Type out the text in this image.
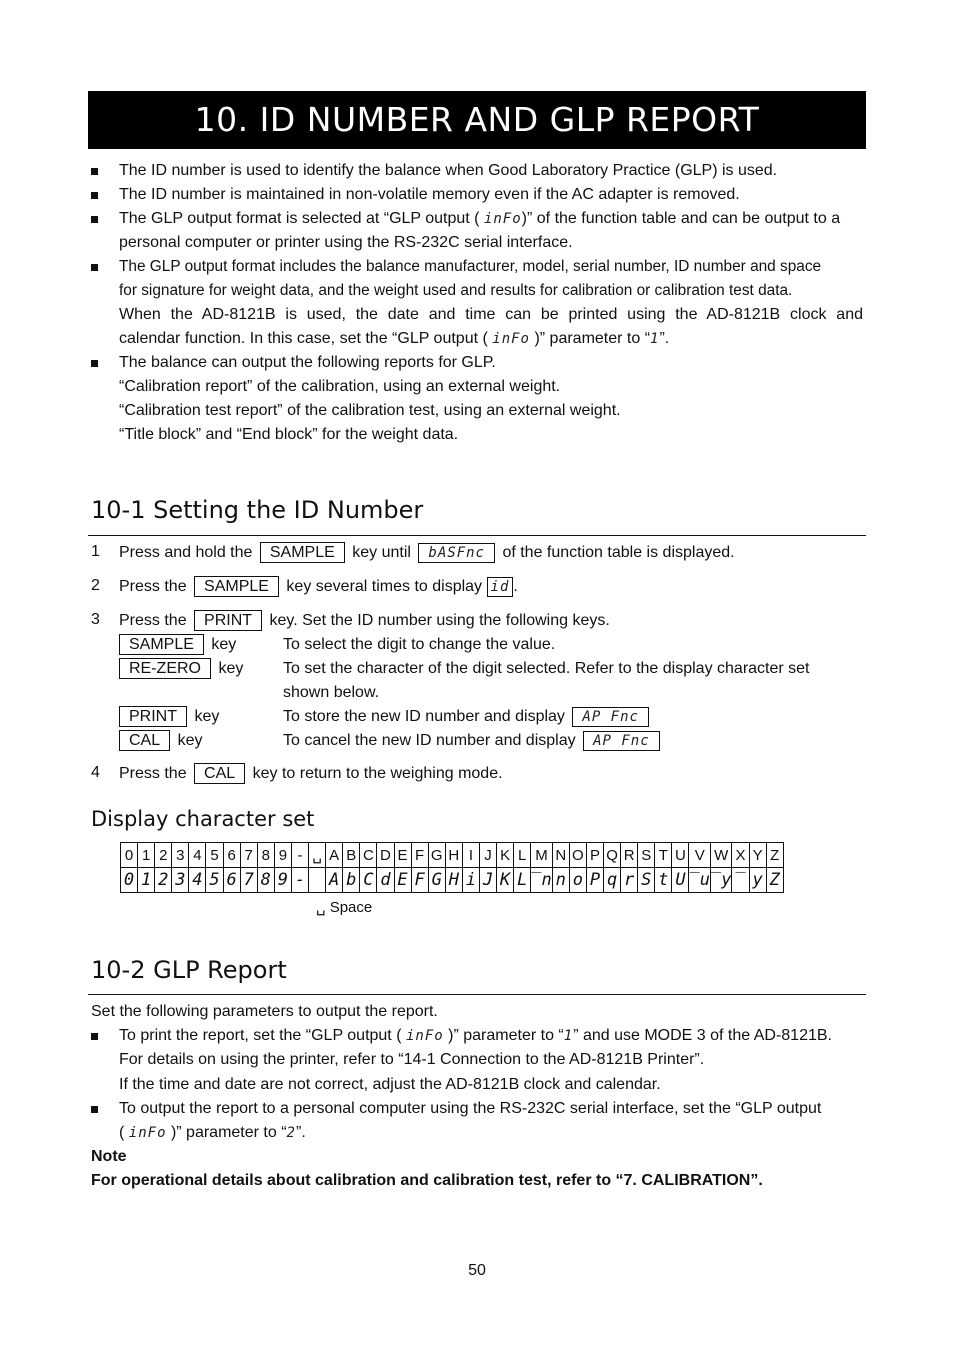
10. ID NUMBER AND GLP REPORT
The ID number is used to identify the balance when Good Laboratory Practice (GLP) is used.
The ID number is maintained in non-volatile memory even if the AC adapter is removed.
The GLP output format is selected at “GLP output ( inFo)” of the function table and can be output to a
personal computer or printer using the RS-232C serial interface.
The GLP output format includes the balance manufacturer, model, serial number, ID number and space
for signature for weight data, and the weight used and results for calibration or calibration test data.
When the AD-8121B is used, the date and time can be printed using the AD-8121B clock and
calendar function. In this case, set the “GLP output ( inFo )” parameter to “1”.
The balance can output the following reports for GLP.
“Calibration report” of the calibration, using an external weight.
“Calibration test report” of the calibration test, using an external weight.
“Title block” and “End block” for the weight data.
10-1 Setting the ID Number
1	Press and hold the SAMPLE key until bASFnc of the function table is displayed.
2	Press the SAMPLE key several times to display id .
3	Press the PRINT key. Set the ID number using the following keys.
SAMPLE key	To select the digit to change the value.
RE-ZERO key To set the character of the digit selected. Refer to the display character set
shown below.
PRINT key	To store the new ID number and display AP Fnc
CAL key	To cancel the new ID number and display AP Fnc
4	Press the CAL key to return to the weighing mode.
Display character set
0	1	2	3	4	5	6	7	8	9	-	␣	A	B	C	D	E	F	G	H	I	J	K	L	M	N	O	P	Q	R	S	T	U	V	W	X	Y	Z
0	1	2	3	4	5	6	7	8	9	-		A	b	C	d	E	F	G	H	i	J	K	L	̅n	n	o	P	q	r	S	t	U	̅u	̅y	̅	y	Z
␣ Space
10-2 GLP Report
Set the following parameters to output the report.
To print the report, set the “GLP output ( inFo )” parameter to “1” and use MODE 3 of the AD-8121B.
For details on using the printer, refer to “14-1 Connection to the AD-8121B Printer”.
If the time and date are not correct, adjust the AD-8121B clock and calendar.
To output the report to a personal computer using the RS-232C serial interface, set the “GLP output
( inFo )” parameter to “2”.
Note
For operational details about calibration and calibration test, refer to “7. CALIBRATION”.
50
